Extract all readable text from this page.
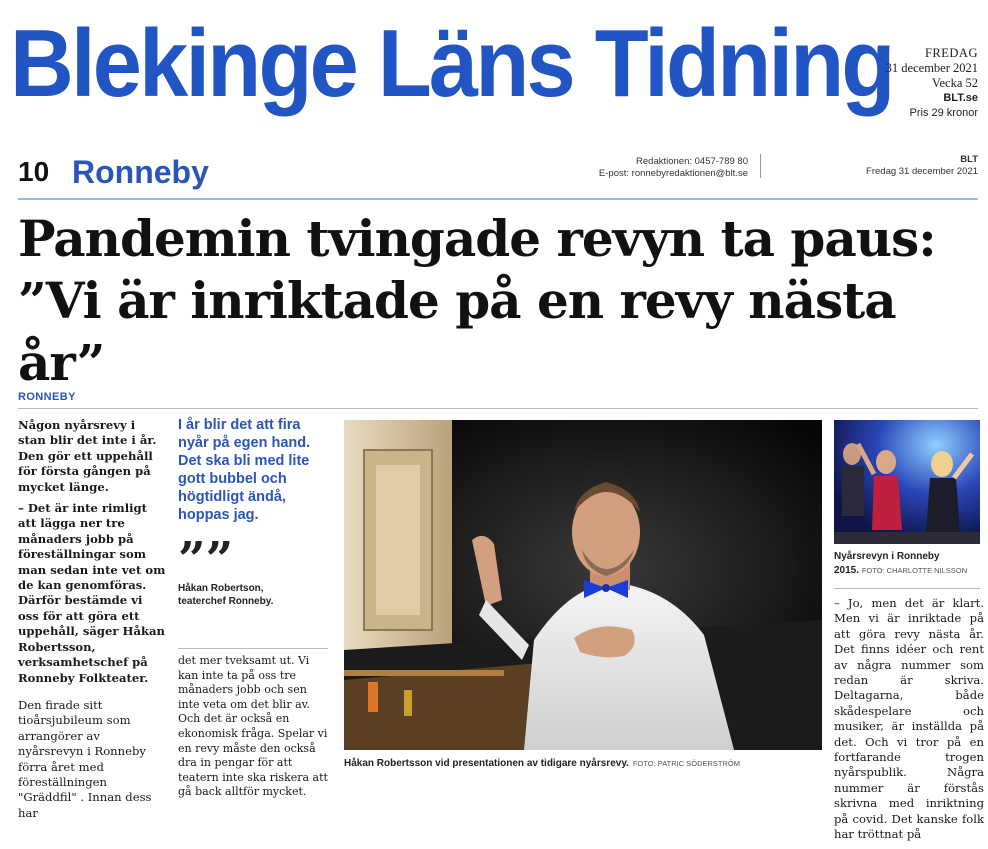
Blekinge Läns Tidning	FREDAG
31 december 2021
Vecka 52
BLT.se
Pris 29 kronor
10 Ronneby	Redaktionen: 0457-789 80
E-post: ronnebyredaktionen@blt.se
BLT
Fredag 31 december 2021
Pandemin tvingade revyn ta paus:
”Vi är inriktade på en revy nästa år”
RONNEBY

Någon nyårsrevy i stan blir det inte i år. Den gör ett uppehåll för första gången på mycket länge.

– Det är inte rimligt att lägga ner tre månaders jobb på föreställningar som man sedan inte vet om de kan genomföras. Därför bestämde vi oss för att göra ett uppehåll, säger Håkan Robertsson, verksamhetschef på Ronneby Folkteater.

Den firade sitt tioårsjubileum som arrangörer av nyårsrevyn i Ronneby förra året med föreställningen "Gräddfil" . Innan dess har

I år blir det att fira nyår på egen hand. Det ska bli med lite gott bubbel och högtidligt ändå, hoppas jag.
””
Håkan Robertson,
teaterchef Ronneby.

det mer tveksamt ut. Vi kan inte ta på oss tre månaders jobb och sen inte veta om det blir av. Och det är också en ekonomisk fråga. Spelar vi en revy måste den också dra in pengar för att teatern inte ska riskera att gå back alltför mycket.

Håkan Robertsson vid presentationen av tidigare nyårsrevy. FOTO: PATRIC SÖDERSTRÖM
Nyårsrevyn i Ronneby
2015. FOTO: CHARLOTTE NILSSON

– Jo, men det är klart. Men vi är inriktade på att göra revy nästa år. Det finns idéer och rent av några nummer som redan är skriva. Deltagarna, både skådespelare och musiker, är inställda på det. Och vi tror på en fortfarande trogen nyårspublik. Några nummer är förstås skrivna med inriktning på covid. Det kanske folk har tröttnat på
